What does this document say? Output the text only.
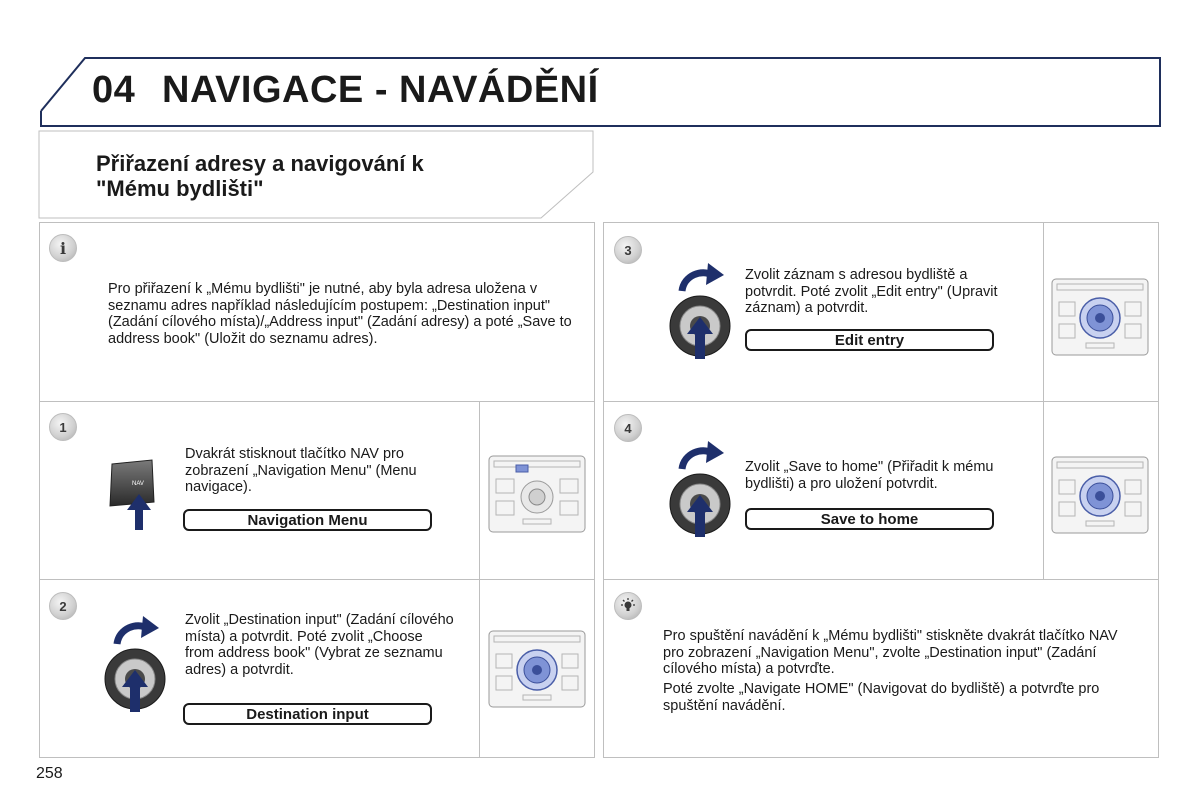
04 NAVIGACE - NAVÁDĚNÍ
Přiřazení adresy a navigování k
"Mému bydlišti"
i
Pro přiřazení k „Mému bydlišti" je nutné, aby byla adresa uložena v seznamu adres například následujícím postupem: „Destination input" (Zadání cílového místa)/„Address input" (Zadání adresy) a poté „Save to address book" (Uložit do seznamu adres).
1
NAV
Dvakrát stisknout tlačítko NAV pro zobrazení „Navigation Menu" (Menu navigace).
Navigation Menu
2
Zvolit „Destination input" (Zadání cílového místa) a potvrdit. Poté zvolit „Choose from address book" (Vybrat ze seznamu adres) a potvrdit.
Destination input
3
Zvolit záznam s adresou bydliště a potvrdit. Poté zvolit „Edit entry" (Upravit záznam) a potvrdit.
Edit entry
4
Zvolit „Save to home" (Přiřadit k mému bydlišti) a pro uložení potvrdit.
Save to home
Pro spuštění navádění k „Mému bydlišti" stiskněte dvakrát tlačítko NAV pro zobrazení „Navigation Menu", zvolte „Destination input" (Zadání cílového místa) a potvrďte.
Poté zvolte „Navigate HOME" (Navigovat do bydliště) a potvrďte pro spuštění navádění.
258
